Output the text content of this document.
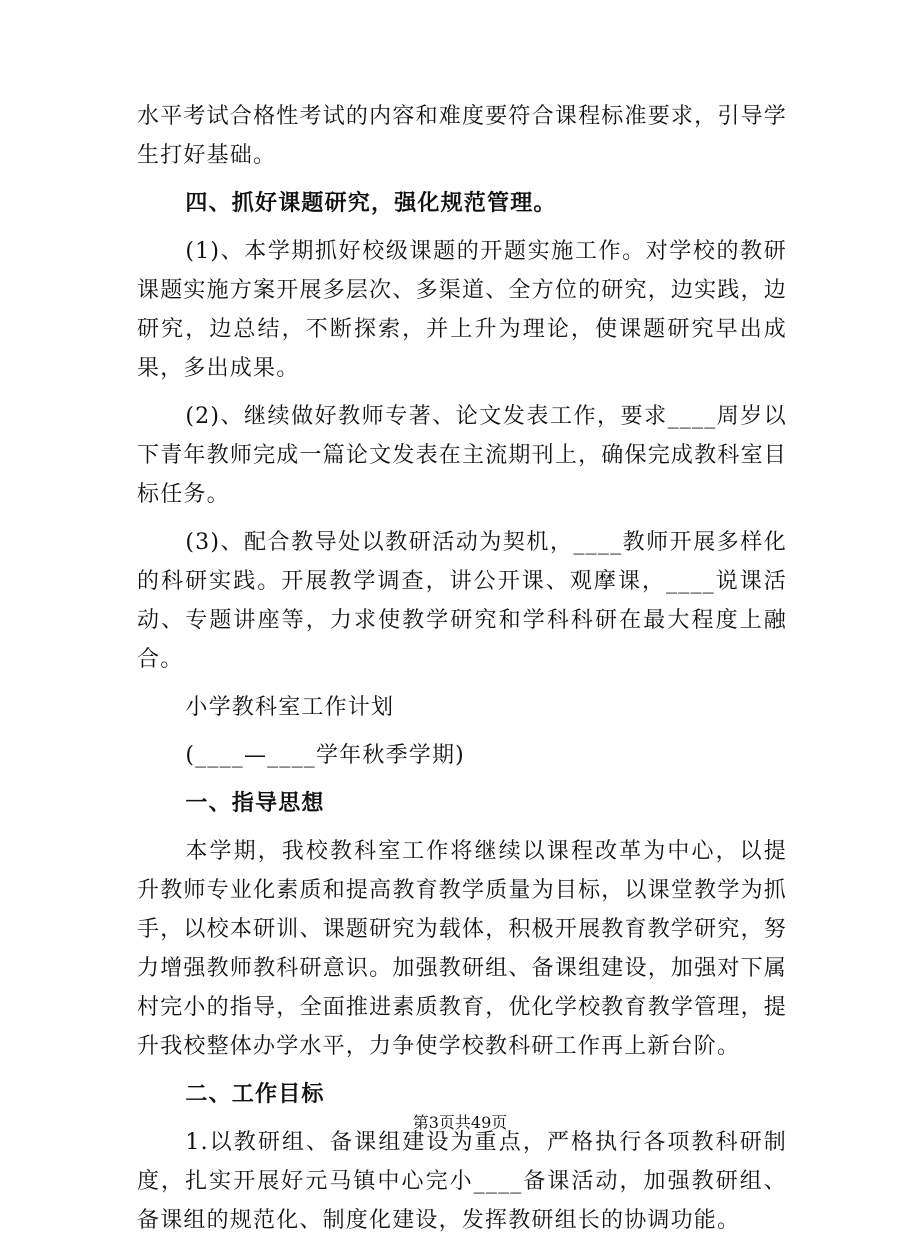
水平考试合格性考试的内容和难度要符合课程标准要求，引导学生打好基础。

四、抓好课题研究，强化规范管理。

(1)、本学期抓好校级课题的开题实施工作。对学校的教研课题实施方案开展多层次、多渠道、全方位的研究，边实践，边研究，边总结，不断探索，并上升为理论，使课题研究早出成果，多出成果。

(2)、继续做好教师专著、论文发表工作，要求____周岁以下青年教师完成一篇论文发表在主流期刊上，确保完成教科室目标任务。

(3)、配合教导处以教研活动为契机，____教师开展多样化的科研实践。开展教学调查，讲公开课、观摩课，____说课活动、专题讲座等，力求使教学研究和学科科研在最大程度上融合。

小学教科室工作计划

(____—____学年秋季学期)

一、指导思想

本学期，我校教科室工作将继续以课程改革为中心，以提升教师专业化素质和提高教育教学质量为目标，以课堂教学为抓手，以校本研训、课题研究为载体，积极开展教育教学研究，努力增强教师教科研意识。加强教研组、备课组建设，加强对下属村完小的指导，全面推进素质教育，优化学校教育教学管理，提升我校整体办学水平，力争使学校教科研工作再上新台阶。

二、工作目标

1.以教研组、备课组建设为重点，严格执行各项教科研制度，扎实开展好元马镇中心完小____备课活动，加强教研组、备课组的规范化、制度化建设，发挥教研组长的协调功能。

第3页共49页
